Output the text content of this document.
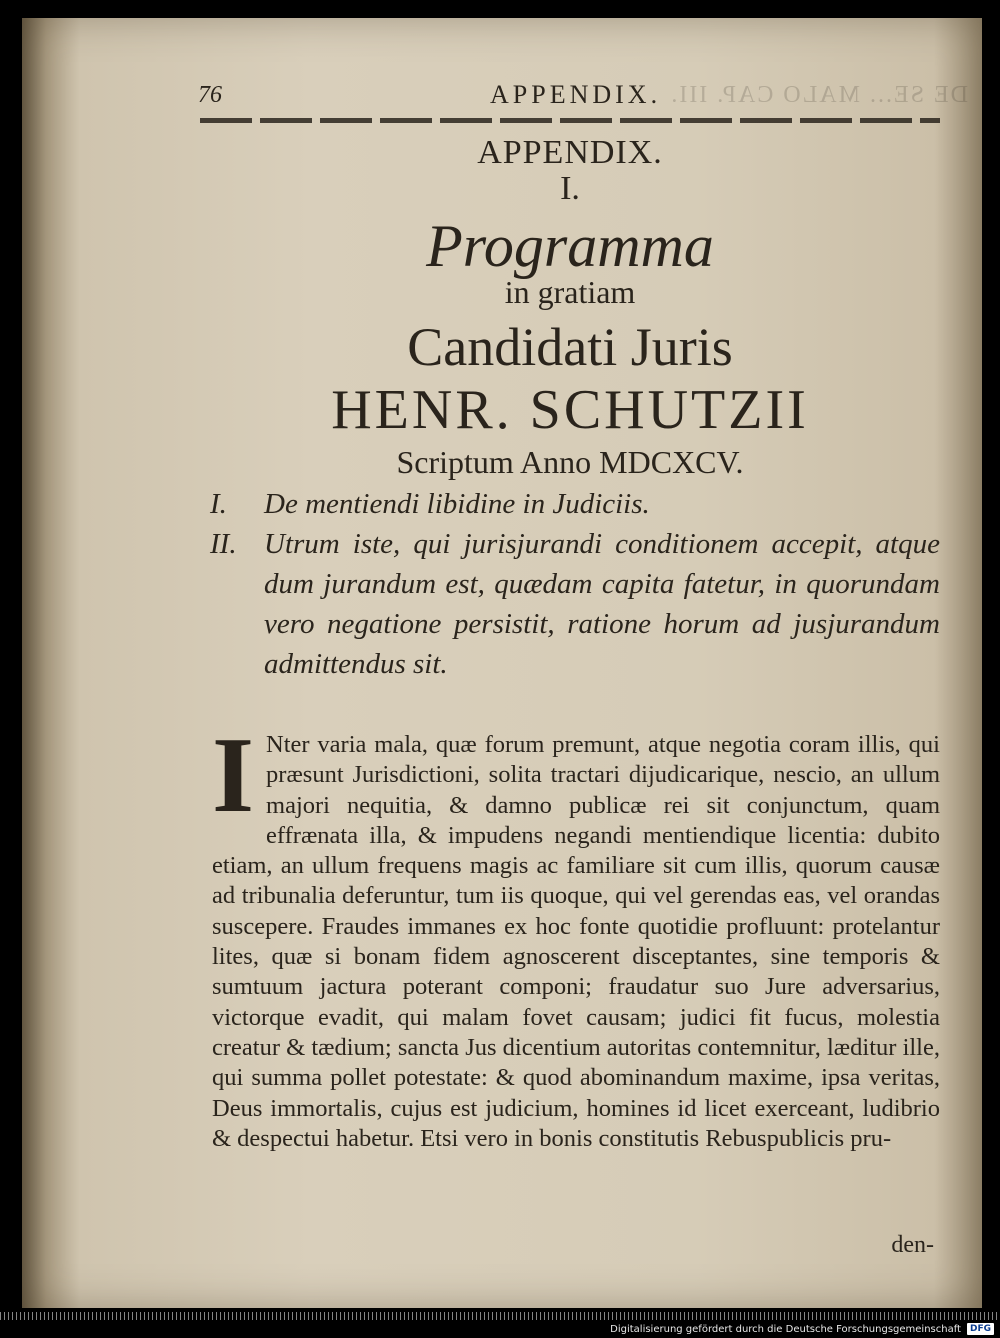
76	DE SE... MALO CAP. III.
APPENDIX.
APPENDIX.
I.
Programma
in gratiam
Candidati Juris
HENR. SCHUTZII
Scriptum Anno MDCXCV.
I.	De mentiendi libidine in Judiciis.
II. Utrum iste, qui jurisjurandi conditionem accepit, atque dum jurandum est, quædam capita fatetur, in quorundam vero negatione persistit, ratione horum ad jusjurandum admittendus sit.
I Nter varia mala, quæ forum premunt, atque negotia coram illis, qui præsunt Jurisdictioni, solita tractari dijudicarique, nescio, an ullum majori nequitia, & damno publicæ rei sit conjunctum, quam effrænata illa, & impudens negandi mentiendique licentia: dubito etiam, an ullum frequens magis ac familiare sit cum illis, quorum causæ ad tribunalia deferuntur, tum iis quoque, qui vel gerendas eas, vel orandas suscepere. Fraudes immanes ex hoc fonte quotidie profluunt: protelantur lites, quæ si bonam fidem agnoscerent disceptantes, sine temporis & sumtuum jactura poterant componi; fraudatur suo Jure adversarius, victorque evadit, qui malam fovet causam; judici fit fucus, molestia creatur & tædium; sancta Jus dicentium autoritas contemnitur, læditur ille, qui summa pollet potestate: & quod abominandum maxime, ipsa veritas, Deus immortalis, cujus est judicium, homines id licet exerceant, ludibrio & despectui habetur. Etsi vero in bonis constitutis Rebuspublicis pru-
den-
Digitalisierung gefördert durch die Deutsche Forschungsgemeinschaft	DFG
